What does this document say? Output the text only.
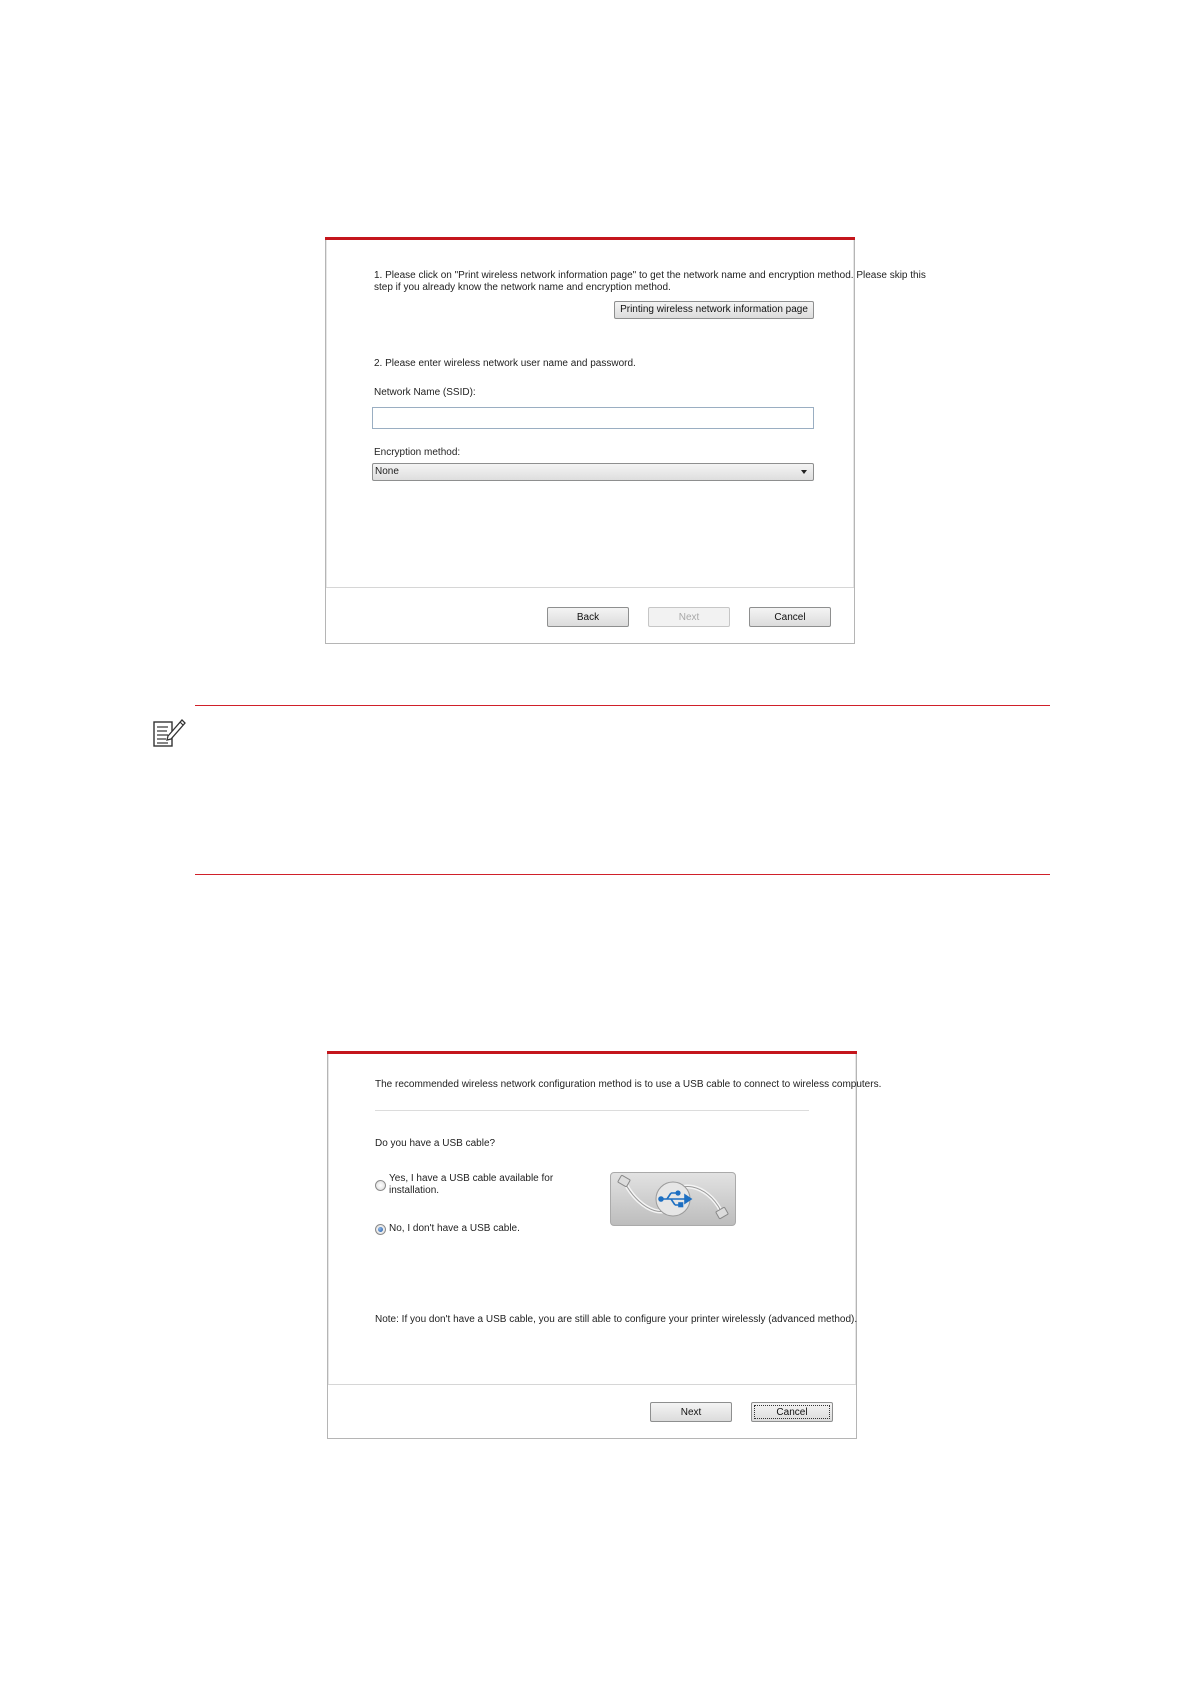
1. Please click on "Print wireless network information page" to get the network name and encryption method. Please skip this
step if you already know the network name and encryption method.
Printing wireless network information page
2. Please enter wireless network user name and password.
Network Name (SSID):
Encryption method:
None
Back	Next	Cancel
The recommended wireless network configuration method is to use a USB cable to connect to wireless computers.
Do you have a USB cable?
Yes, I have a USB cable available for
installation.
No, I don't have a USB cable.
Note: If you don't have a USB cable, you are still able to configure your printer wirelessly (advanced method).
Next	Cancel
